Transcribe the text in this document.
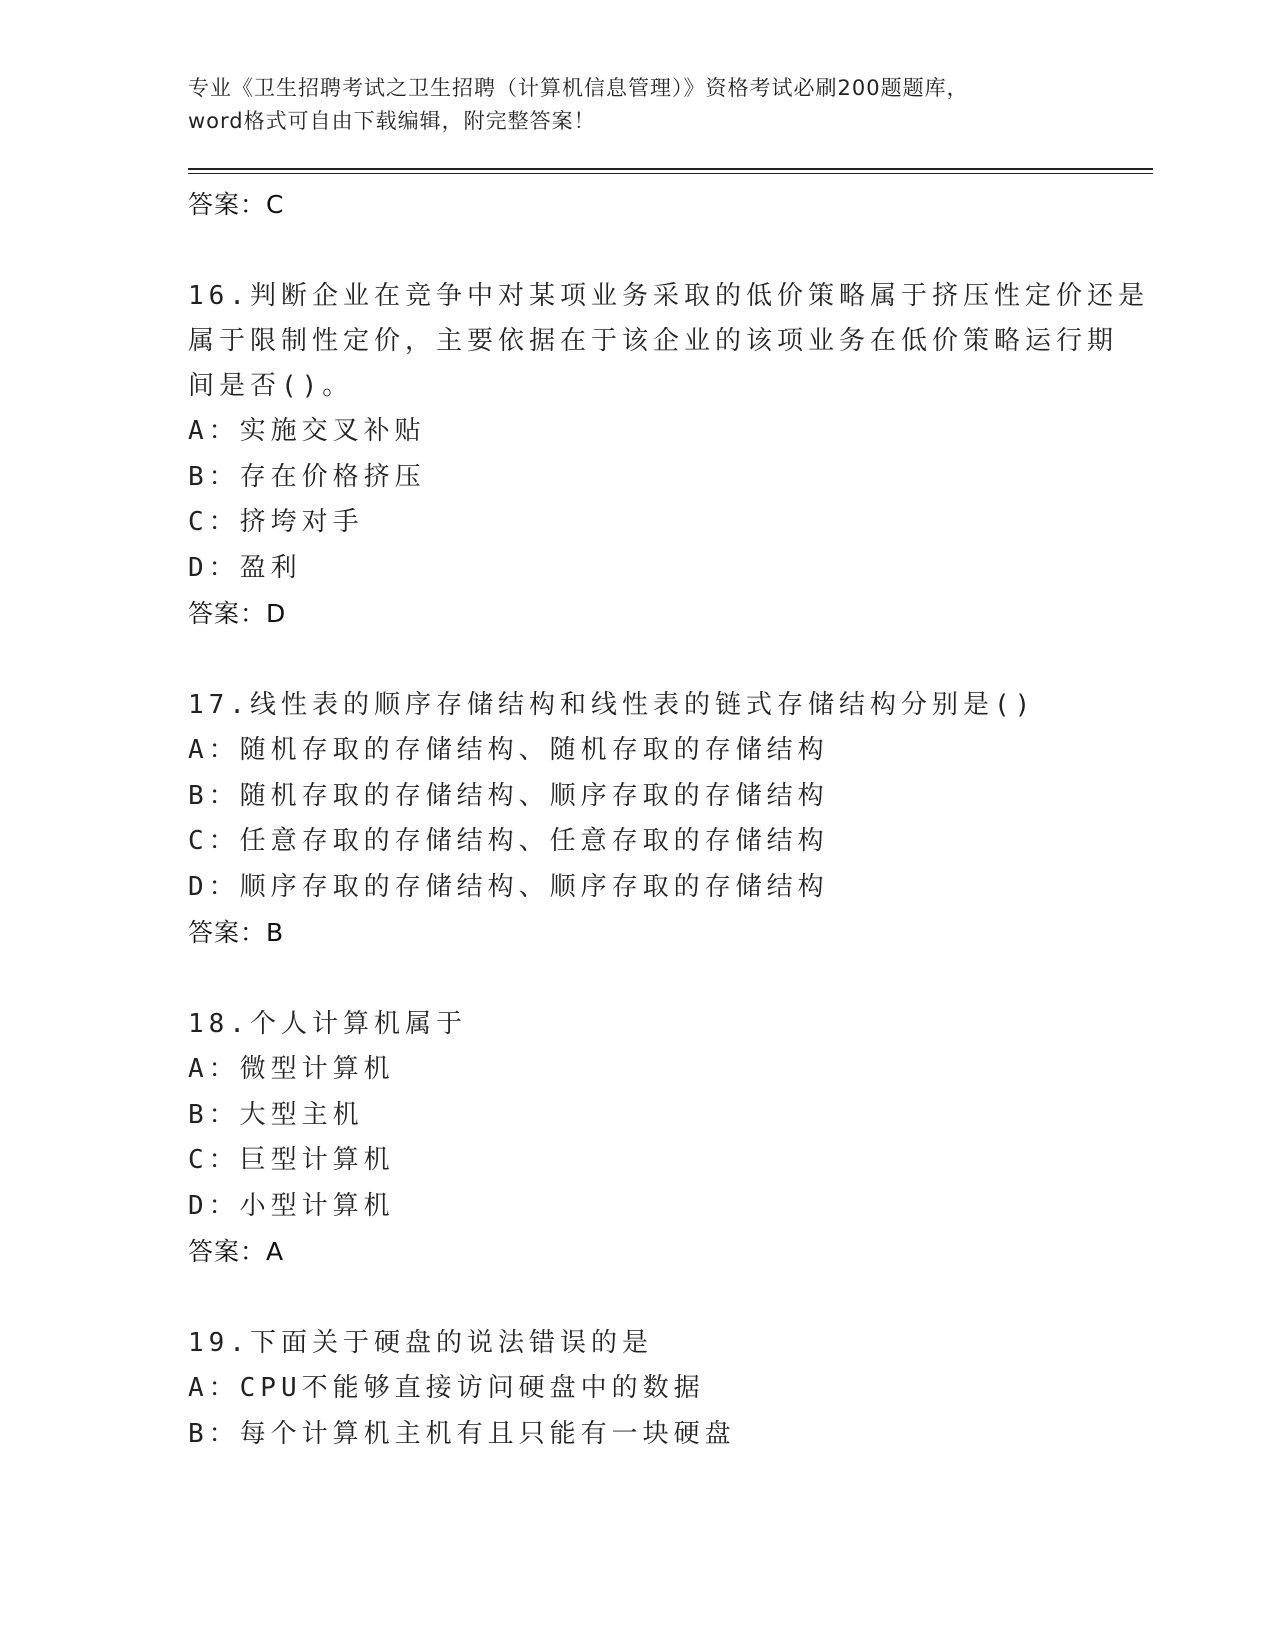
专业《卫生招聘考试之卫生招聘（计算机信息管理）》资格考试必刷200题题库，
word格式可自由下载编辑，附完整答案！
答案：C
16.判断企业在竞争中对某项业务采取的低价策略属于挤压性定价还是
属于限制性定价，主要依据在于该企业的该项业务在低价策略运行期
间是否()。
A：实施交叉补贴
B：存在价格挤压
C：挤垮对手
D：盈利
答案：D
17.线性表的顺序存储结构和线性表的链式存储结构分别是()
A：随机存取的存储结构、随机存取的存储结构
B：随机存取的存储结构、顺序存取的存储结构
C：任意存取的存储结构、任意存取的存储结构
D：顺序存取的存储结构、顺序存取的存储结构
答案：B
18.个人计算机属于
A：微型计算机
B：大型主机
C：巨型计算机
D：小型计算机
答案：A
19.下面关于硬盘的说法错误的是
A：CPU不能够直接访问硬盘中的数据
B：每个计算机主机有且只能有一块硬盘
